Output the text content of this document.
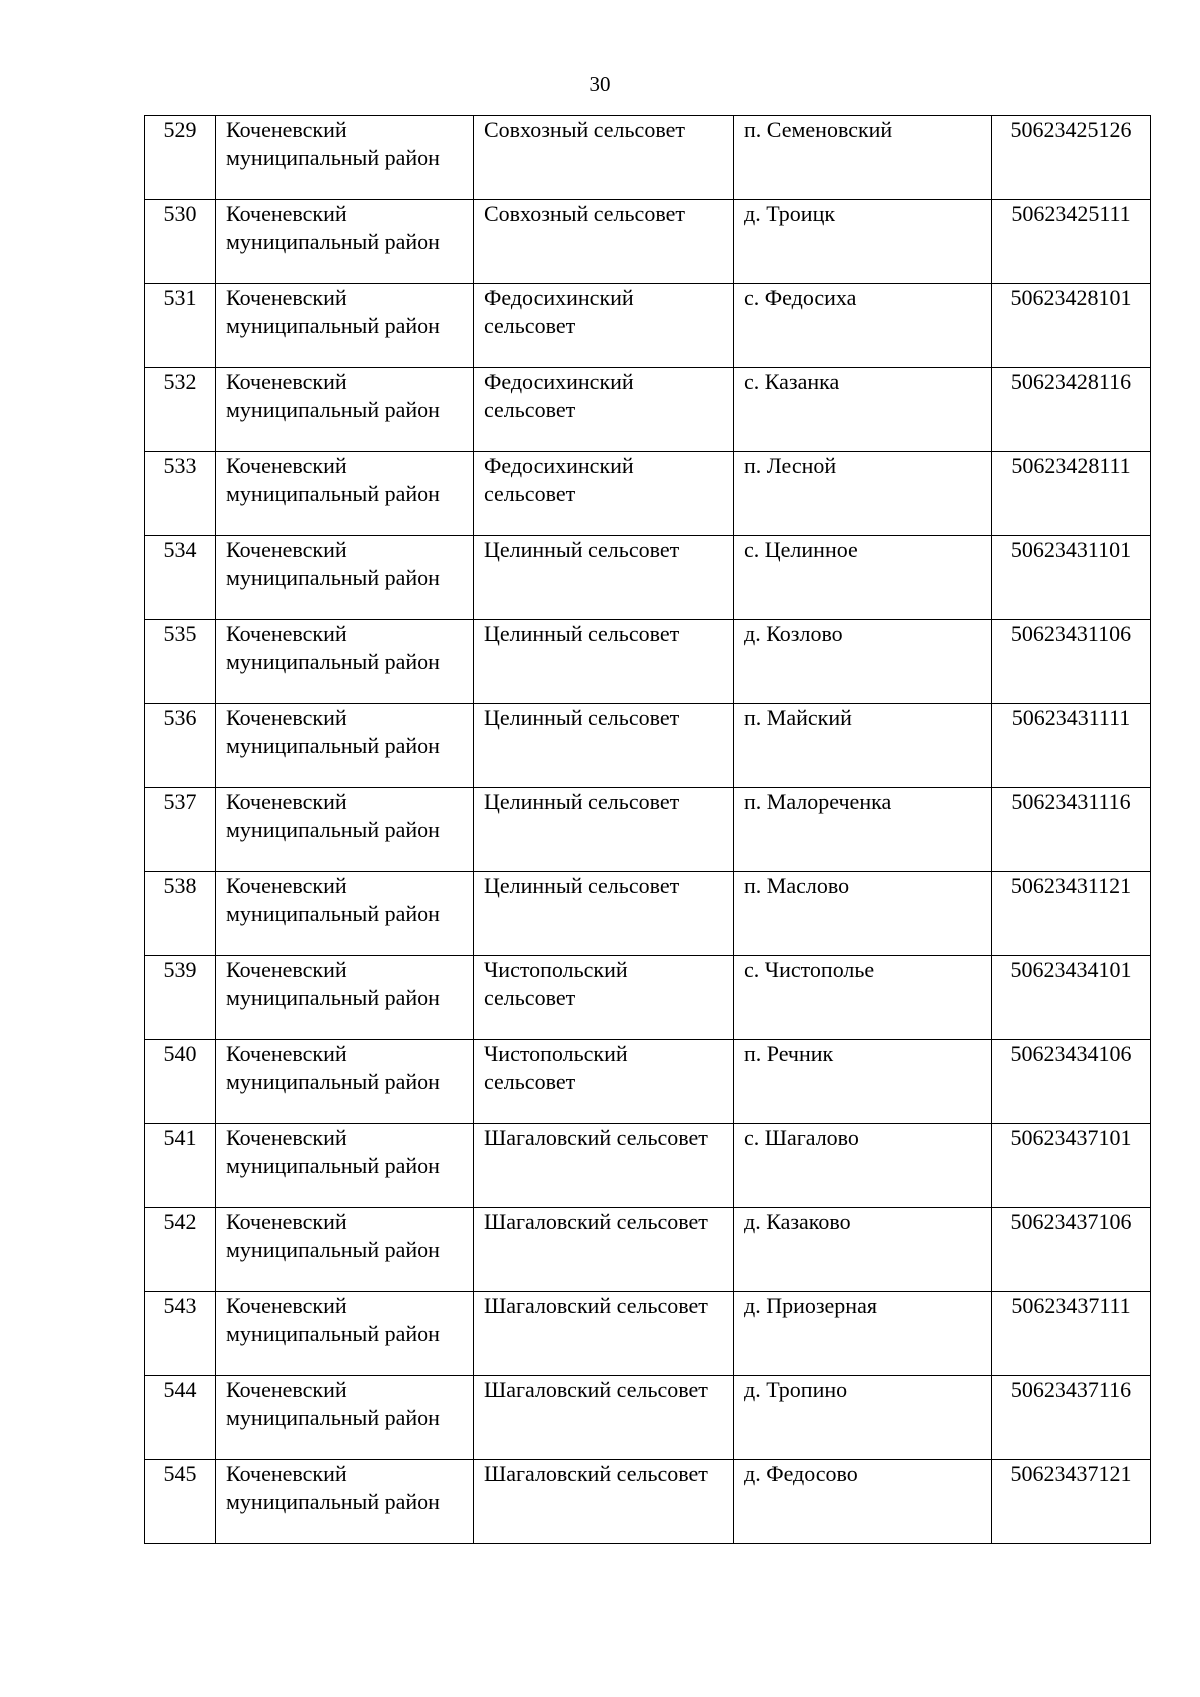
30
529	Коченевский муниципальный район	Совхозный сельсовет	п. Семеновский	50623425126
530	Коченевский муниципальный район	Совхозный сельсовет	д. Троицк	50623425111
531	Коченевский муниципальный район	Федосихинский сельсовет	с. Федосиха	50623428101
532	Коченевский муниципальный район	Федосихинский сельсовет	с. Казанка	50623428116
533	Коченевский муниципальный район	Федосихинский сельсовет	п. Лесной	50623428111
534	Коченевский муниципальный район	Целинный сельсовет	с. Целинное	50623431101
535	Коченевский муниципальный район	Целинный сельсовет	д. Козлово	50623431106
536	Коченевский муниципальный район	Целинный сельсовет	п. Майский	50623431111
537	Коченевский муниципальный район	Целинный сельсовет	п. Малореченка	50623431116
538	Коченевский муниципальный район	Целинный сельсовет	п. Маслово	50623431121
539	Коченевский муниципальный район	Чистопольский сельсовет	с. Чистополье	50623434101
540	Коченевский муниципальный район	Чистопольский сельсовет	п. Речник	50623434106
541	Коченевский муниципальный район	Шагаловский сельсовет	с. Шагалово	50623437101
542	Коченевский муниципальный район	Шагаловский сельсовет	д. Казаково	50623437106
543	Коченевский муниципальный район	Шагаловский сельсовет	д. Приозерная	50623437111
544	Коченевский муниципальный район	Шагаловский сельсовет	д. Тропино	50623437116
545	Коченевский муниципальный район	Шагаловский сельсовет	д. Федосово	50623437121
